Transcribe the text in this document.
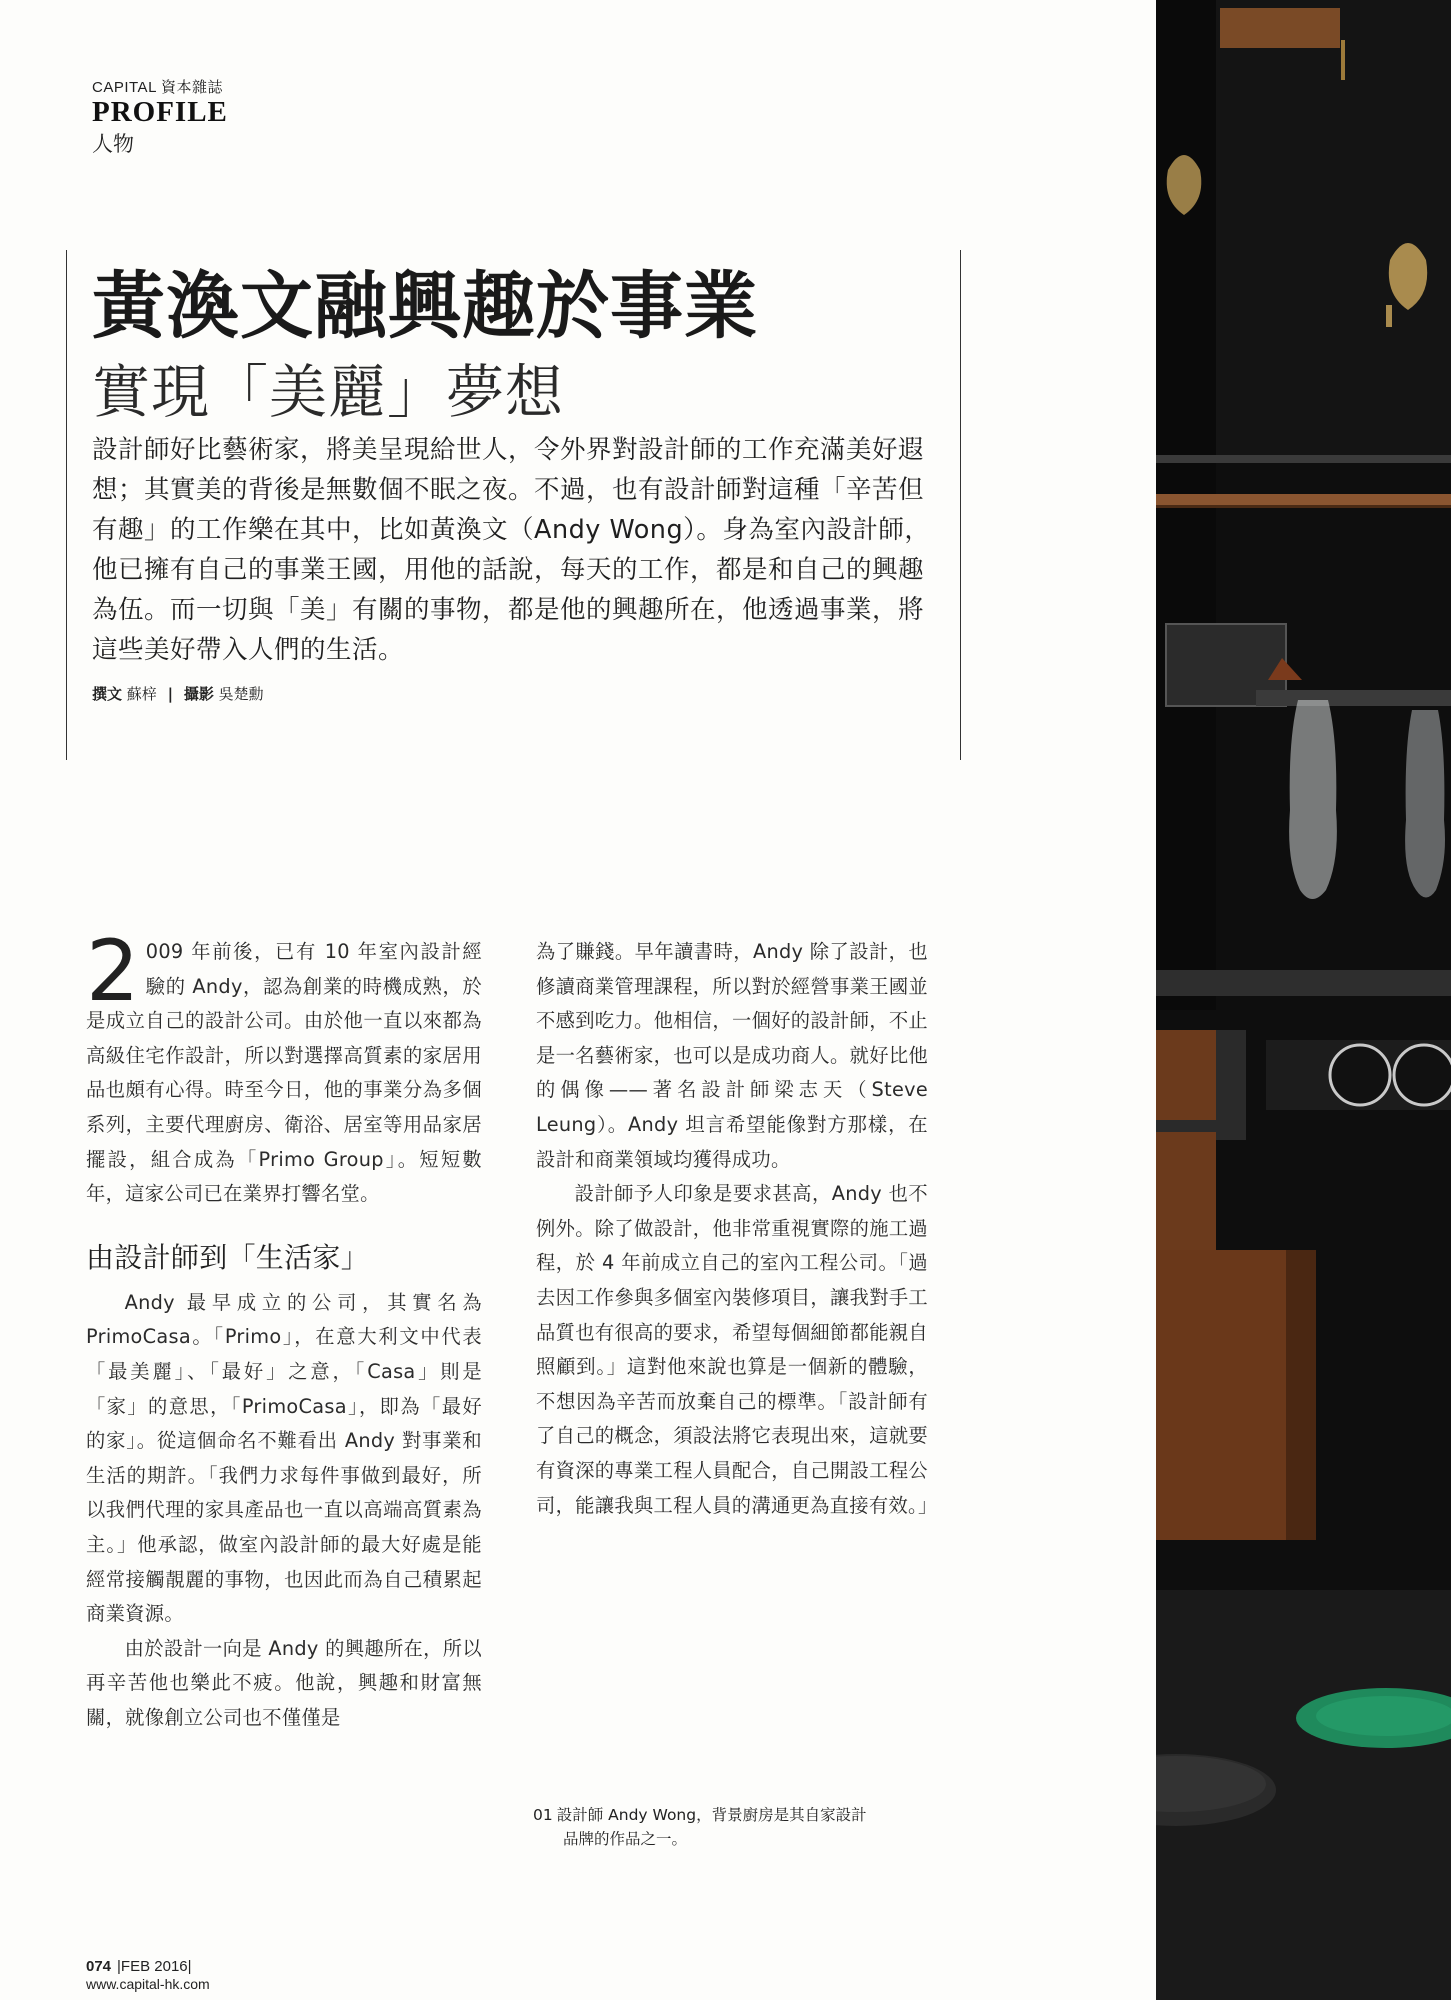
CAPITAL 資本雜誌
PROFILE
人物
黃渙文融興趣於事業
實現「美麗」夢想
設計師好比藝術家，將美呈現給世人，令外界對設計師的工作充滿美好遐想；其實美的背後是無數個不眠之夜。不過，也有設計師對這種「辛苦但有趣」的工作樂在其中，比如黃渙文（Andy Wong）。身為室內設計師，他已擁有自己的事業王國，用他的話說，每天的工作，都是和自己的興趣為伍。而一切與「美」有關的事物，都是他的興趣所在，他透過事業，將這些美好帶入人們的生活。
撰文 蘇梓 | 攝影 吳楚勳

2 009 年前後，已有 10 年室內設計經驗的 Andy，認為創業的時機成熟，於是成立自己的設計公司。由於他一直以來都為高級住宅作設計，所以對選擇高質素的家居用品也頗有心得。時至今日，他的事業分為多個系列，主要代理廚房、衛浴、居室等用品家居擺設，組合成為「Primo Group」。短短數年，這家公司已在業界打響名堂。

由設計師到「生活家」

Andy 最早成立的公司，其實名為 PrimoCasa。「Primo」，在意大利文中代表「最美麗」、「最好」之意，「Casa」則是「家」的意思，「PrimoCasa」，即為「最好的家」。從這個命名不難看出 Andy 對事業和生活的期許。「我們力求每件事做到最好，所以我們代理的家具產品也一直以高端高質素為主。」他承認，做室內設計師的最大好處是能經常接觸靚麗的事物，也因此而為自己積累起商業資源。

由於設計一向是 Andy 的興趣所在，所以再辛苦他也樂此不疲。他說，興趣和財富無關，就像創立公司也不僅僅是

為了賺錢。早年讀書時，Andy 除了設計，也修讀商業管理課程，所以對於經營事業王國並不感到吃力。他相信，一個好的設計師，不止是一名藝術家，也可以是成功商人。就好比他的偶像——著名設計師梁志天（Steve Leung）。Andy 坦言希望能像對方那樣，在設計和商業領域均獲得成功。

設計師予人印象是要求甚高，Andy 也不例外。除了做設計，他非常重視實際的施工過程，於 4 年前成立自己的室內工程公司。「過去因工作參與多個室內裝修項目，讓我對手工品質也有很高的要求，希望每個細節都能親自照顧到。」這對他來說也算是一個新的體驗，不想因為辛苦而放棄自己的標準。「設計師有了自己的概念，須設法將它表現出來，這就要有資深的專業工程人員配合，自己開設工程公司，能讓我與工程人員的溝通更為直接有效。」

01 設計師 Andy Wong，背景廚房是其自家設計
品牌的作品之一。
074 |FEB 2016|
www.capital-hk.com
